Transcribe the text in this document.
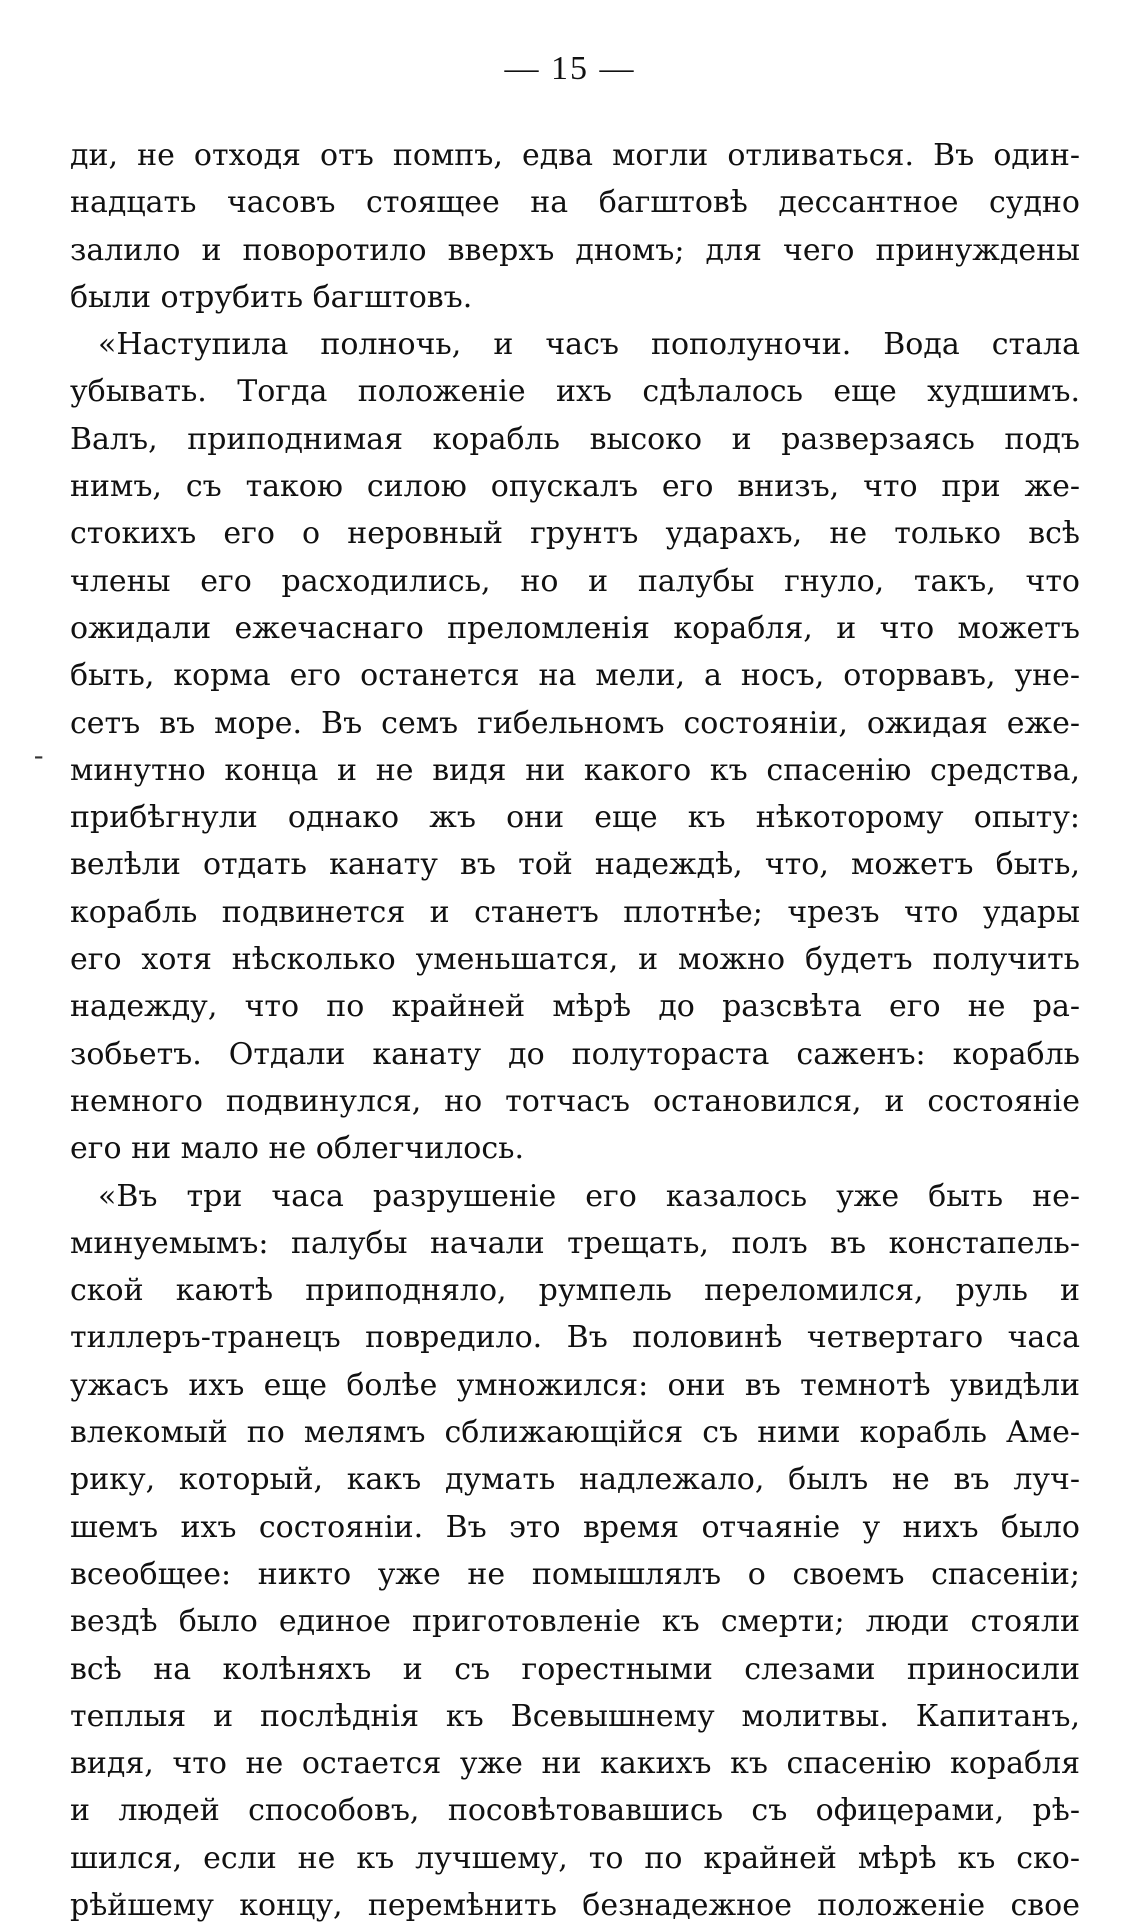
— 15 —
-
ди, не отходя отъ помпъ, едва могли отливаться. Въ один-
надцать часовъ стоящее на багштовѣ дессантное судно
залило и поворотило вверхъ дномъ; для чего принуждены
были отрубить багштовъ.
«Наступила полночь, и часъ пополуночи. Вода стала
убывать. Тогда положеніе ихъ сдѣлалось еще худшимъ.
Валъ, приподнимая корабль высоко и разверзаясь подъ
нимъ, съ такою силою опускалъ его внизъ, что при же-
стокихъ его о неровный грунтъ ударахъ, не только всѣ
члены его расходились, но и палубы гнуло, такъ, что
ожидали ежечаснаго преломленія корабля, и что можетъ
быть, корма его останется на мели, а носъ, оторвавъ, уне-
сетъ въ море. Въ семъ гибельномъ состояніи, ожидая еже-
минутно конца и не видя ни какого къ спасенію средства,
прибѣгнули однако жъ они еще къ нѣкоторому опыту:
велѣли отдать канату въ той надеждѣ, что, можетъ быть,
корабль подвинется и станетъ плотнѣе; чрезъ что удары
его хотя нѣсколько уменьшатся, и можно будетъ получить
надежду, что по крайней мѣрѣ до разсвѣта его не ра-
зобьетъ. Отдали канату до полутораста саженъ: корабль
немного подвинулся, но тотчасъ остановился, и состояніе
его ни мало не облегчилось.
«Въ три часа разрушеніе его казалось уже быть не-
минуемымъ: палубы начали трещать, полъ въ констапель-
ской каютѣ приподняло, румпель переломился, руль и
тиллеръ-транецъ повредило. Въ половинѣ четвертаго часа
ужасъ ихъ еще болѣе умножился: они въ темнотѣ увидѣли
влекомый по мелямъ сближающійся съ ними корабль Аме-
рику, который, какъ думать надлежало, былъ не въ луч-
шемъ ихъ состояніи. Въ это время отчаяніе у нихъ было
всеобщее: никто уже не помышлялъ о своемъ спасеніи;
вездѣ было единое приготовленіе къ смерти; люди стояли
всѣ на колѣняхъ и съ горестными слезами приносили
теплыя и послѣднія къ Всевышнему молитвы. Капитанъ,
видя, что не остается уже ни какихъ къ спасенію корабля
и людей способовъ, посовѣтовавшись съ офицерами, рѣ-
шился, если не къ лучшему, то по крайней мѣрѣ къ ско-
рѣйшему концу, перемѣнить безнадежное положеніе свое
